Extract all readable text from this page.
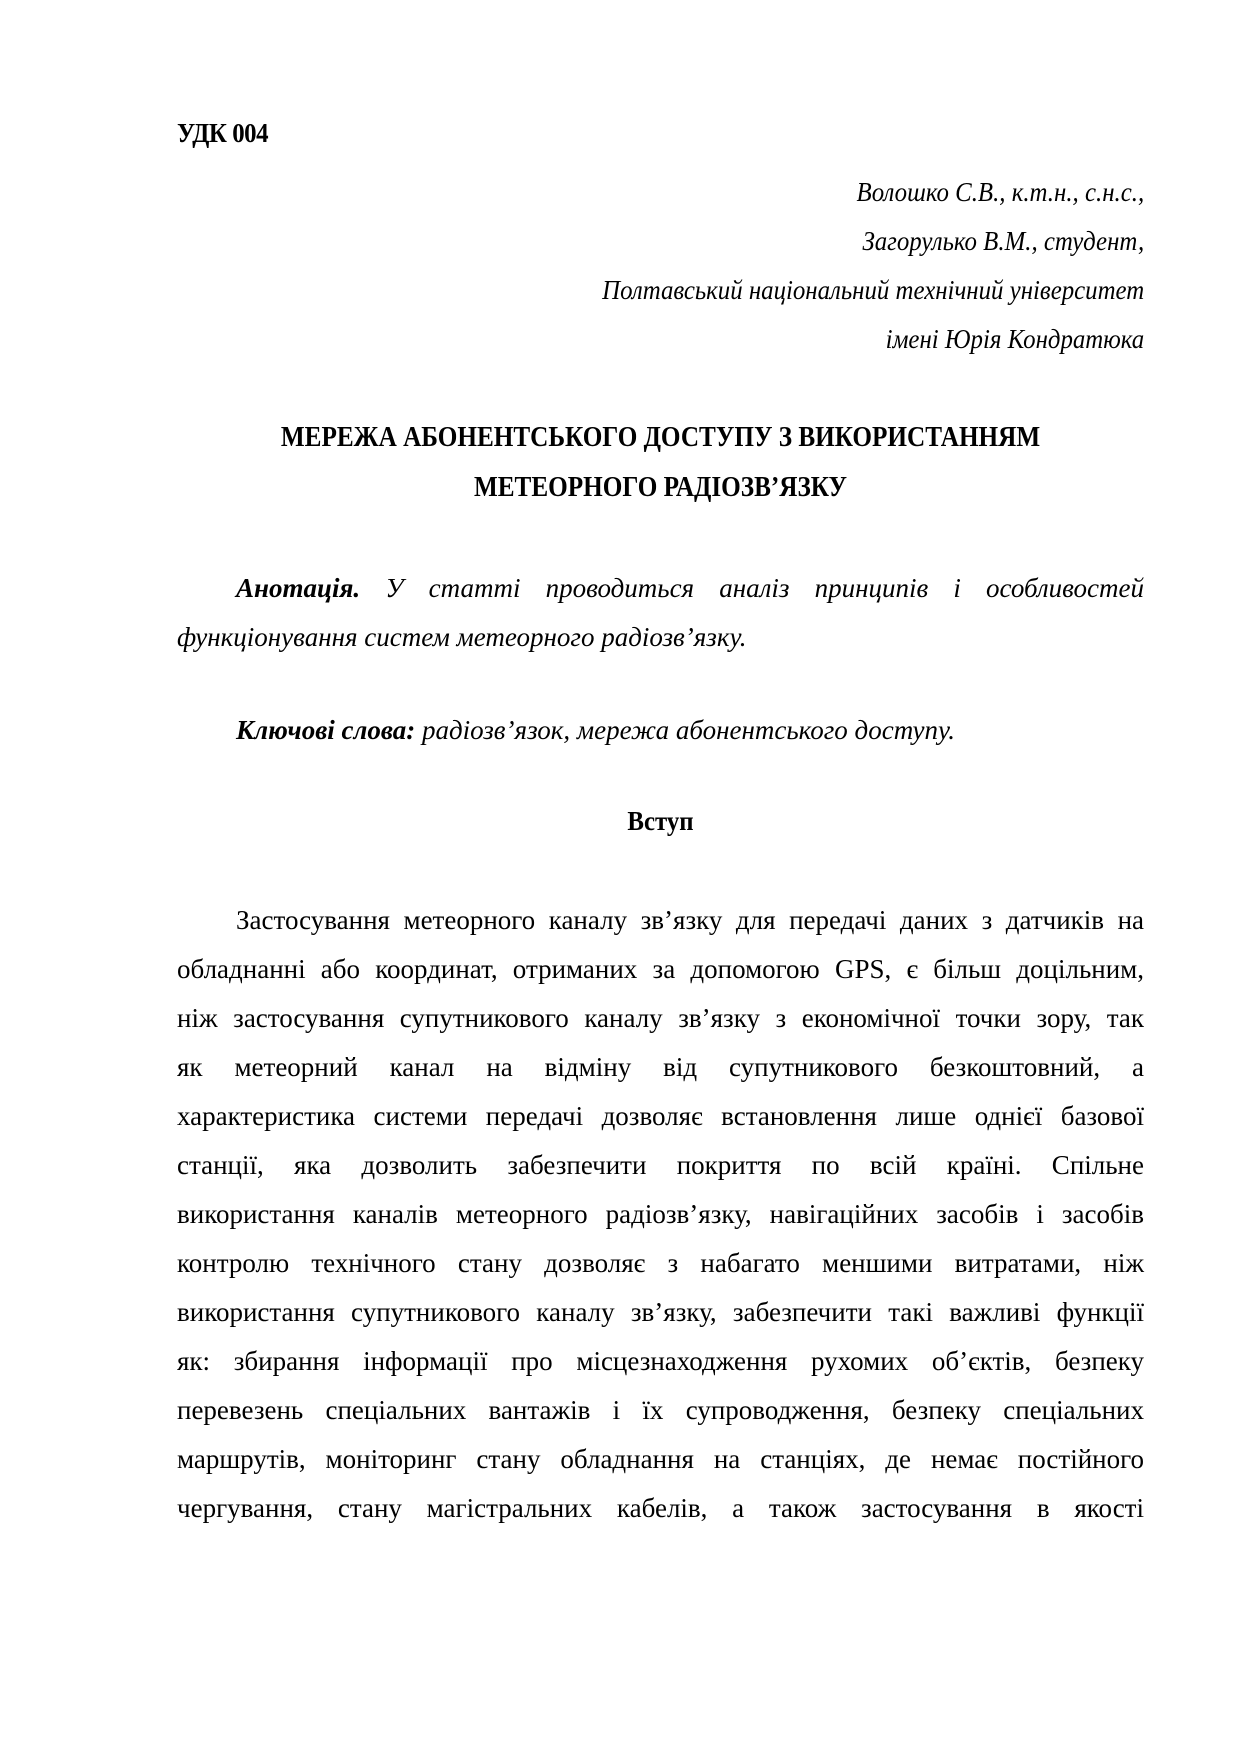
УДК 004
Волошко С.В., к.т.н., с.н.с.,
Загорулько В.М., студент,
Полтавський національний технічний університет
імені Юрія Кондратюка
МЕРЕЖА АБОНЕНТСЬКОГО ДОСТУПУ З ВИКОРИСТАННЯМ
МЕТЕОРНОГО РАДІОЗВ’ЯЗКУ
Анотація. У статті проводиться аналіз принципів і особливостей
функціонування систем метеорного радіозв’язку.
Ключові слова: радіозв’язок, мережа абонентського доступу.
Вступ
Застосування метеорного каналу зв’язку для передачі даних з датчиків на
обладнанні або координат, отриманих за допомогою GPS, є більш доцільним,
ніж застосування супутникового каналу зв’язку з економічної точки зору, так
як метеорний канал на відміну від супутникового безкоштовний, а
характеристика системи передачі дозволяє встановлення лише однієї базової
станції, яка дозволить забезпечити покриття по всій країні. Спільне
використання каналів метеорного радіозв’язку, навігаційних засобів і засобів
контролю технічного стану дозволяє з набагато меншими витратами, ніж
використання супутникового каналу зв’язку, забезпечити такі важливі функції
як: збирання інформації про місцезнаходження рухомих об’єктів, безпеку
перевезень спеціальних вантажів і їх супроводження, безпеку спеціальних
маршрутів, моніторинг стану обладнання на станціях, де немає постійного
чергування, стану магістральних кабелів, а також застосування в якості
